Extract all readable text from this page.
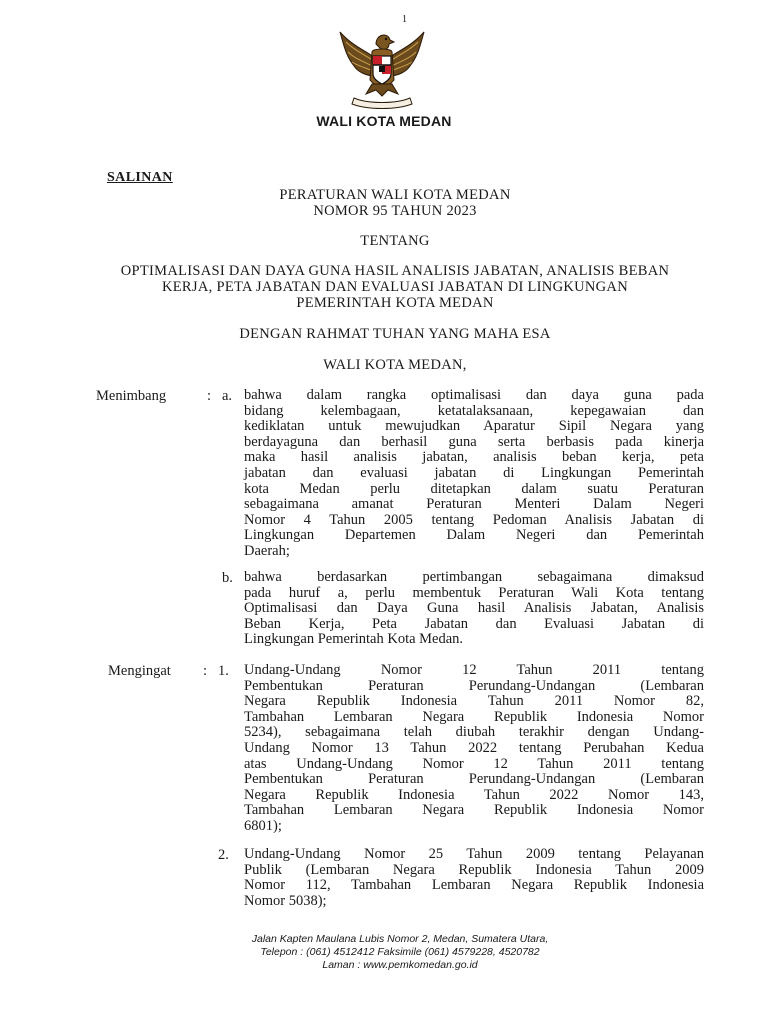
1
WALI KOTA MEDAN
SALINAN
PERATURAN WALI KOTA MEDAN
NOMOR 95 TAHUN 2023
TENTANG
OPTIMALISASI DAN DAYA GUNA HASIL ANALISIS JABATAN, ANALISIS BEBAN
KERJA, PETA JABATAN DAN EVALUASI JABATAN DI LINGKUNGAN
PEMERINTAH KOTA MEDAN
DENGAN RAHMAT TUHAN YANG MAHA ESA
WALI KOTA MEDAN,
Menimbang	: a. bahwa dalam rangka optimalisasi dan daya guna pada
bidang kelembagaan, ketatalaksanaan, kepegawaian dan
kediklatan untuk mewujudkan Aparatur Sipil Negara yang
berdayaguna dan berhasil guna serta berbasis pada kinerja
maka hasil analisis jabatan, analisis beban kerja, peta
jabatan dan evaluasi jabatan di Lingkungan Pemerintah
kota Medan perlu ditetapkan dalam suatu Peraturan
sebagaimana amanat Peraturan Menteri Dalam Negeri
Nomor 4 Tahun 2005 tentang Pedoman Analisis Jabatan di
Lingkungan Departemen Dalam Negeri dan Pemerintah
Daerah;
b. bahwa berdasarkan pertimbangan sebagaimana dimaksud
pada huruf a, perlu membentuk Peraturan Wali Kota tentang
Optimalisasi dan Daya Guna hasil Analisis Jabatan, Analisis
Beban Kerja, Peta Jabatan dan Evaluasi Jabatan di
Lingkungan Pemerintah Kota Medan.
Mengingat : 1. Undang-Undang Nomor 12 Tahun 2011 tentang
Pembentukan Peraturan Perundang-Undangan (Lembaran
Negara Republik Indonesia Tahun 2011 Nomor 82,
Tambahan Lembaran Negara Republik Indonesia Nomor
5234), sebagaimana telah diubah terakhir dengan Undang-
Undang Nomor 13 Tahun 2022 tentang Perubahan Kedua
atas Undang-Undang Nomor 12 Tahun 2011 tentang
Pembentukan Peraturan Perundang-Undangan (Lembaran
Negara Republik Indonesia Tahun 2022 Nomor 143,
Tambahan Lembaran Negara Republik Indonesia Nomor
6801);
2. Undang-Undang Nomor 25 Tahun 2009 tentang Pelayanan
Publik (Lembaran Negara Republik Indonesia Tahun 2009
Nomor 112, Tambahan Lembaran Negara Republik Indonesia
Nomor 5038);
Jalan Kapten Maulana Lubis Nomor 2, Medan, Sumatera Utara,
Telepon : (061) 4512412 Faksimile (061) 4579228, 4520782
Laman : www.pemkomedan.go.id
